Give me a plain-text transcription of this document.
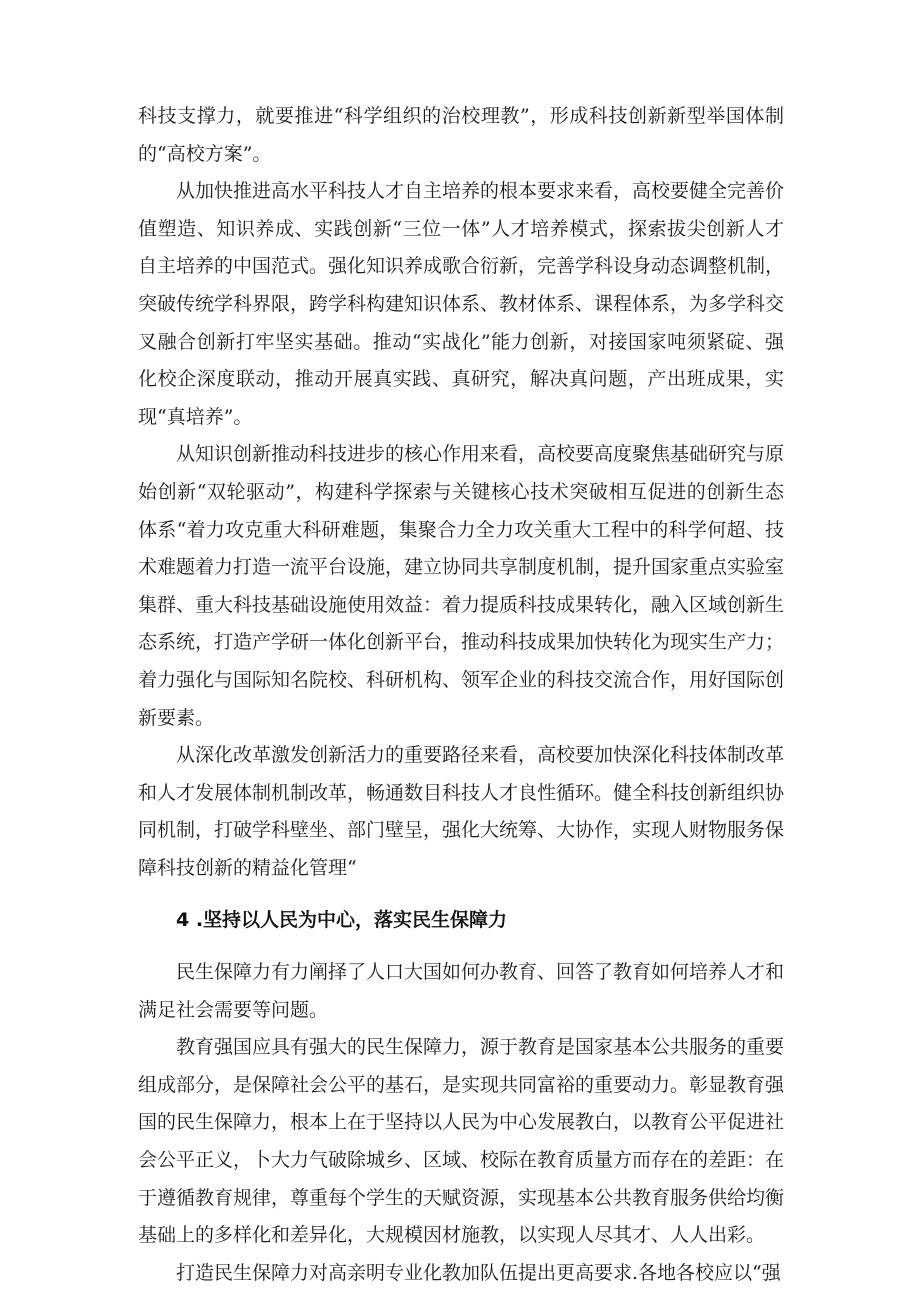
科技支撑力，就要推进“科学组织的治校理教”，形成科技创新新型举国体制的“高校方案”。

从加快推进高水平科技人才自主培养的根本要求来看，高校要健全完善价值塑造、知识养成、实践创新“三位一体”人才培养模式，探索拔尖创新人才自主培养的中国范式。强化知识养成歌合衍新，完善学科设身动态调整机制，突破传统学科界限，跨学科构建知识体系、教材体系、课程体系，为多学科交叉融合创新打牢坚实基础。推动“实战化”能力创新，对接国家吨须紧碇、强化校企深度联动，推动开展真实践、真研究，解决真问题，产出班成果，实现“真培养”。

从知识创新推动科技进步的核心作用来看，高校要高度聚焦基础研究与原始创新“双轮驱动”，构建科学探索与关键核心技术突破相互促进的创新生态体系“着力攻克重大科研难题，集聚合力全力攻关重大工程中的科学何超、技术难题着力打造一流平台设施，建立协同共享制度机制，提升国家重点实验室集群、重大科技基础设施使用效益：着力提质科技成果转化，融入区域创新生态系统，打造产学研一体化创新平台，推动科技成果加快转化为现实生产力；着力强化与国际知名院校、科研机构、领军企业的科技交流合作，用好国际创新要素。

从深化改革激发创新活力的重要路径来看，高校要加快深化科技体制改革和人才发展体制机制改革，畅通数目科技人才良性循环。健全科技创新组织协同机制，打破学科壁坐、部门壁呈，强化大统筹、大协作，实现人财物服务保障科技创新的精益化管理“

4 .坚持以人民为中心，落实民生保障力

民生保障力有力阐择了人口大国如何办教育、回答了教育如何培养人才和满足社会需要等问题。

教育强国应具有强大的民生保障力，源于教育是国家基本公共服务的重要组成部分，是保障社会公平的基石，是实现共同富裕的重要动力。彰显教育强国的民生保障力，根本上在于坚持以人民为中心发展教白，以教育公平促进社会公平正义，卜大力气破除城乡、区域、校际在教育质量方而存在的差距：在于遵循教育规律，尊重每个学生的天赋资源，实现基本公共教育服务供给均衡基础上的多样化和差异化，大规模因材施教，以实现人尽其才、人人出彩。

打造民生保障力对高亲明专业化教加队伍提出更高要求.各地各校应以“强
